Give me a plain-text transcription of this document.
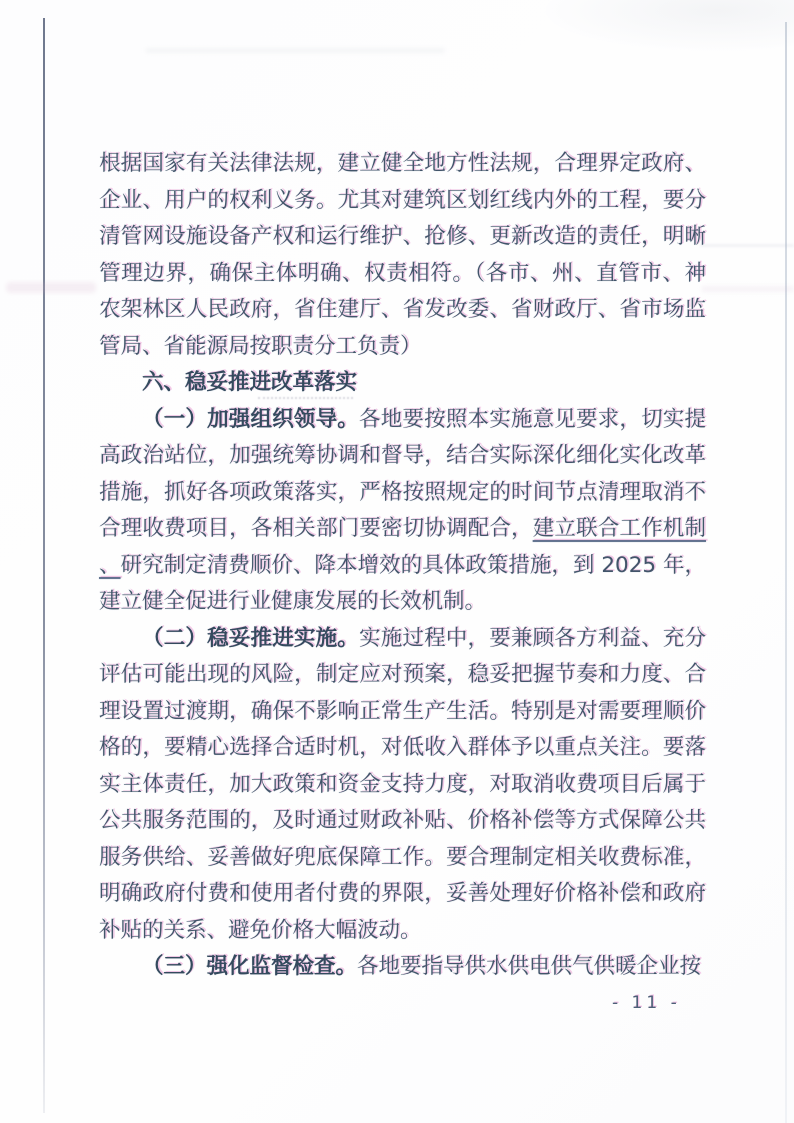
根据国家有关法律法规，建立健全地方性法规，合理界定政府、企业、用户的权利义务。尤其对建筑区划红线内外的工程，要分清管网设施设备产权和运行维护、抢修、更新改造的责任，明晰管理边界，确保主体明确、权责相符。（各市、州、直管市、神农架林区人民政府，省住建厅、省发改委、省财政厅、省市场监管局、省能源局按职责分工负责）

六、稳妥推进改革落实

（一）加强组织领导。各地要按照本实施意见要求，切实提高政治站位，加强统筹协调和督导，结合实际深化细化实化改革措施，抓好各项政策落实，严格按照规定的时间节点清理取消不合理收费项目，各相关部门要密切协调配合，建立联合工作机制、研究制定清费顺价、降本增效的具体政策措施，到 2025 年，建立健全促进行业健康发展的长效机制。

（二）稳妥推进实施。实施过程中，要兼顾各方利益、充分评估可能出现的风险，制定应对预案，稳妥把握节奏和力度、合理设置过渡期，确保不影响正常生产生活。特别是对需要理顺价格的，要精心选择合适时机，对低收入群体予以重点关注。要落实主体责任，加大政策和资金支持力度，对取消收费项目后属于公共服务范围的，及时通过财政补贴、价格补偿等方式保障公共服务供给、妥善做好兜底保障工作。要合理制定相关收费标准，明确政府付费和使用者付费的界限，妥善处理好价格补偿和政府补贴的关系、避免价格大幅波动。

（三）强化监督检查。各地要指导供水供电供气供暖企业按

- 11 -
